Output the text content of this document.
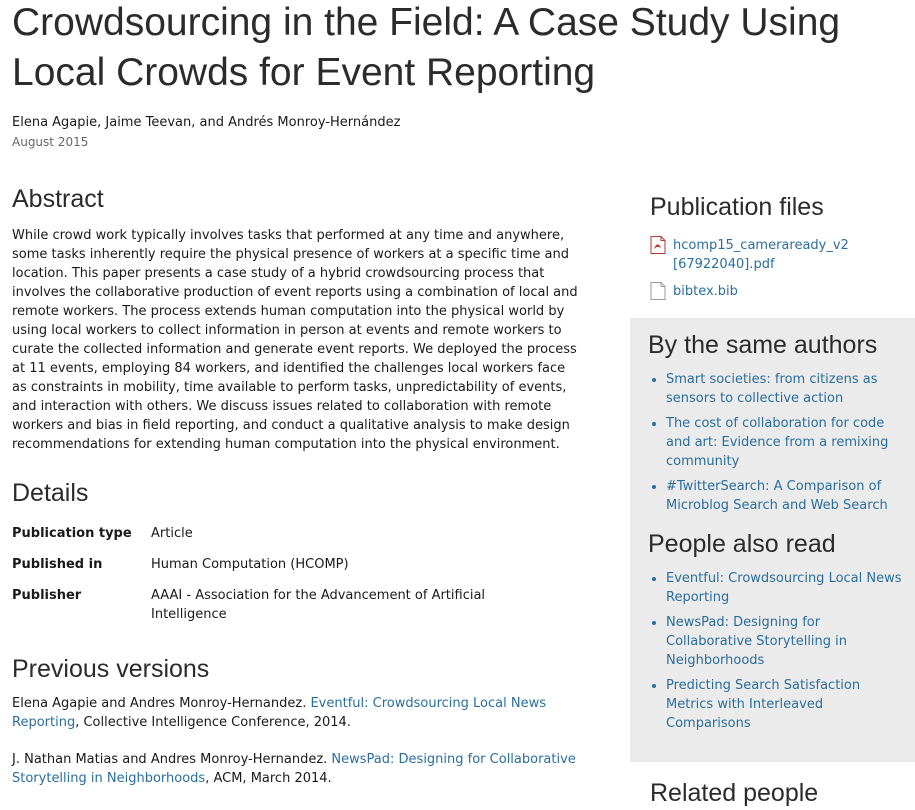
Crowdsourcing in the Field: A Case Study Using Local Crowds for Event Reporting
Elena Agapie, Jaime Teevan, and Andrés Monroy-Hernández
August 2015
Abstract

While crowd work typically involves tasks that performed at any time and anywhere, some tasks inherently require the physical presence of workers at a specific time and location. This paper presents a case study of a hybrid crowdsourcing process that involves the collaborative production of event reports using a combination of local and remote workers. The process extends human computation into the physical world by using local workers to collect information in person at events and remote workers to curate the collected information and generate event reports. We deployed the process at 11 events, employing 84 workers, and identified the challenges local workers face as constraints in mobility, time available to perform tasks, unpredictability of events, and interaction with others. We discuss issues related to collaboration with remote workers and bias in field reporting, and conduct a qualitative analysis to make design recommendations for extending human computation into the physical environment.

Details
Publication type	Article
Published in	Human Computation (HCOMP)
Publisher	AAAI - Association for the Advancement of Artificial Intelligence
Previous versions

Elena Agapie and Andres Monroy-Hernandez. Eventful: Crowdsourcing Local News Reporting, Collective Intelligence Conference, 2014.

J. Nathan Matias and Andres Monroy-Hernandez. NewsPad: Designing for Collaborative Storytelling in Neighborhoods, ACM, March 2014.

Publication files
hcomp15_cameraready_v2 [67922040].pdf
bibtex.bib
By the same authors
• Smart societies: from citizens as sensors to collective action
• The cost of collaboration for code and art: Evidence from a remixing community
• #TwitterSearch: A Comparison of Microblog Search and Web Search
People also read
• Eventful: Crowdsourcing Local News Reporting
• NewsPad: Designing for Collaborative Storytelling in Neighborhoods
• Predicting Search Satisfaction Metrics with Interleaved Comparisons
Related people
